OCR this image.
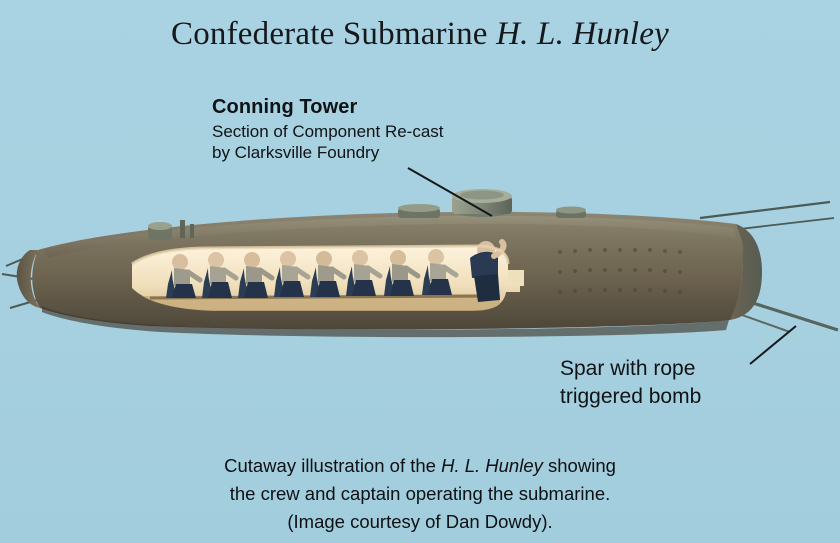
Confederate Submarine H. L. Hunley
Conning Tower
Section of Component Re-cast
by Clarksville Foundry
Spar with rope
triggered bomb
Cutaway illustration of the H. L. Hunley showing
the crew and captain operating the submarine.
(Image courtesy of Dan Dowdy).
